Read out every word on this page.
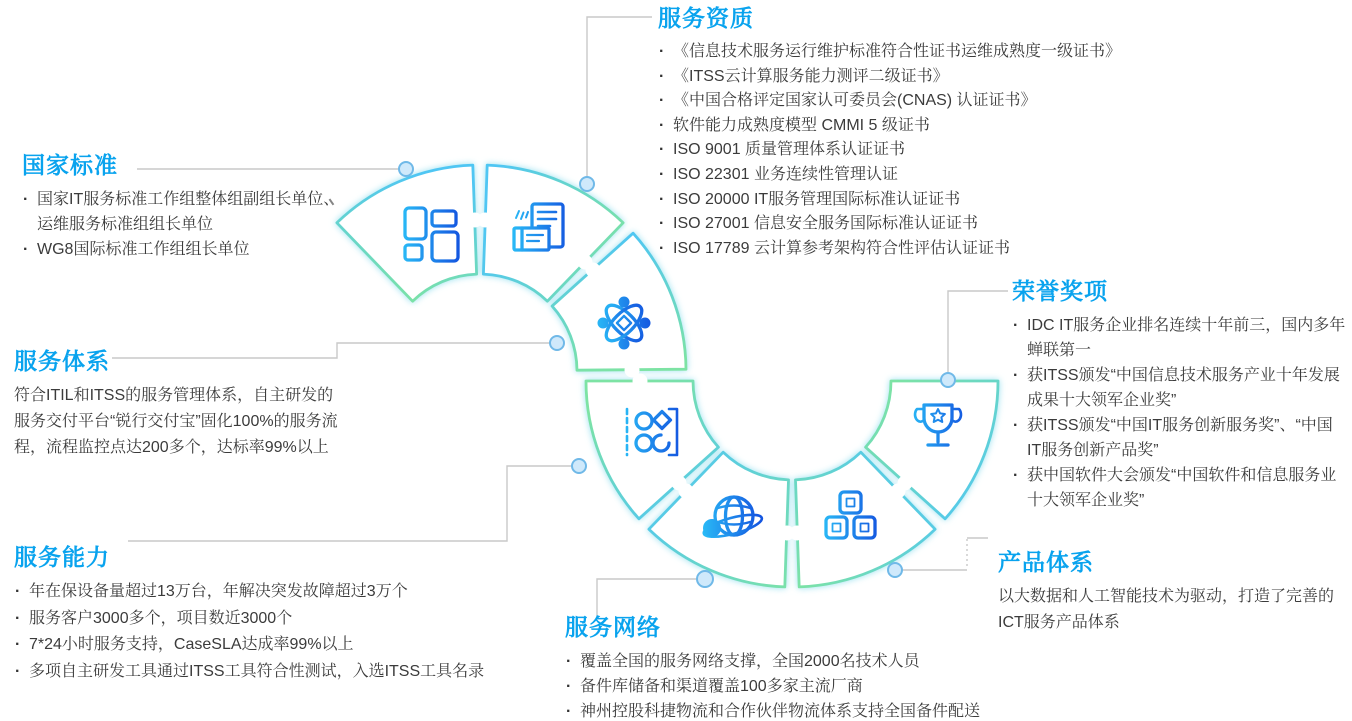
国家标准
· 国家IT服务标准工作组整体组副组长单位、运维服务标准组组长单位
· WG8国际标准工作组组长单位
服务资质
· 《信息技术服务运行维护标准符合性证书运维成熟度一级证书》
· 《ITSS云计算服务能力测评二级证书》
· 《中国合格评定国家认可委员会(CNAS) 认证证书》
· 软件能力成熟度模型 CMMI 5 级证书
· ISO 9001 质量管理体系认证证书
· ISO 22301 业务连续性管理认证
· ISO 20000 IT服务管理国际标准认证证书
· ISO 27001 信息安全服务国际标准认证证书
· ISO 17789 云计算参考架构符合性评估认证证书
服务体系

符合ITIL和ITSS的服务管理体系，自主研发的服务交付平台“锐行交付宝”固化100%的服务流程，流程监控点达200多个，达标率99%以上

服务能力
· 年在保设备量超过13万台，年解决突发故障超过3万个
· 服务客户3000多个，项目数近3000个
· 7*24小时服务支持，CaseSLA达成率99%以上
· 多项自主研发工具通过ITSS工具符合性测试，入选ITSS工具名录
服务网络
· 覆盖全国的服务网络支撑，全国2000名技术人员
· 备件库储备和渠道覆盖100多家主流厂商
· 神州控股科捷物流和合作伙伴物流体系支持全国备件配送
荣誉奖项
· IDC IT服务企业排名连续十年前三，国内多年蝉联第一
· 获ITSS颁发“中国信息技术服务产业十年发展成果十大领军企业奖”
· 获ITSS颁发“中国IT服务创新服务奖”、“中国IT服务创新产品奖”
· 获中国软件大会颁发“中国软件和信息服务业十大领军企业奖”
产品体系

以大数据和人工智能技术为驱动，打造了完善的ICT服务产品体系
